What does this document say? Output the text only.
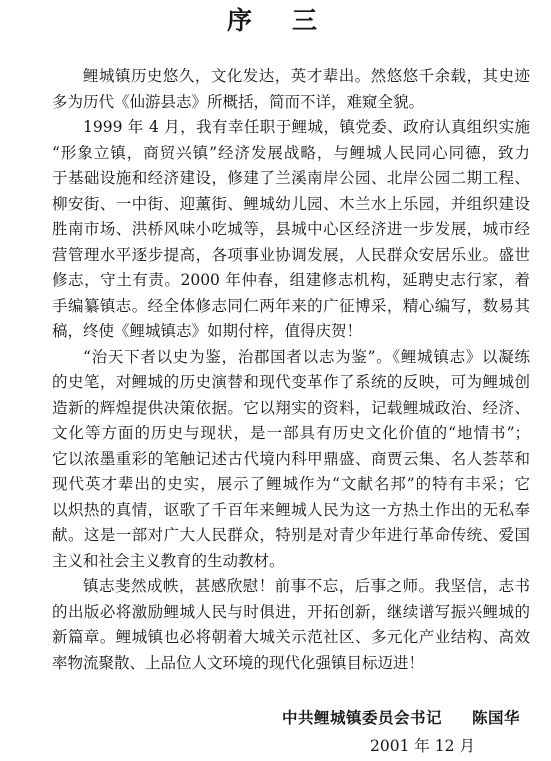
序三
鲤城镇历史悠久，文化发达，英才辈出。然悠悠千余载，其史迹
多为历代《仙游县志》所概括，简而不详，难窥全貌。
1999 年 4 月，我有幸任职于鲤城，镇党委、政府认真组织实施
“形象立镇，商贸兴镇”经济发展战略，与鲤城人民同心同德，致力
于基础设施和经济建设，修建了兰溪南岸公园、北岸公园二期工程、
柳安街、一中街、迎薰街、鲤城幼儿园、木兰水上乐园，并组织建设
胜南市场、洪桥风味小吃城等，县城中心区经济进一步发展，城市经
营管理水平逐步提高，各项事业协调发展，人民群众安居乐业。盛世
修志，守土有责。2000 年仲春，组建修志机构，延聘史志行家，着
手编纂镇志。经全体修志同仁两年来的广征博采，精心编写，数易其
稿，终使《鲤城镇志》如期付梓，值得庆贺！
“治天下者以史为鉴，治郡国者以志为鉴”。《鲤城镇志》以凝练
的史笔，对鲤城的历史演替和现代变革作了系统的反映，可为鲤城创
造新的辉煌提供决策依据。它以翔实的资料，记载鲤城政治、经济、
文化等方面的历史与现状，是一部具有历史文化价值的“地情书”；
它以浓墨重彩的笔触记述古代境内科甲鼎盛、商贾云集、名人荟萃和
现代英才辈出的史实，展示了鲤城作为“文献名邦”的特有丰采；它
以炽热的真情，讴歌了千百年来鲤城人民为这一方热土作出的无私奉
献。这是一部对广大人民群众，特别是对青少年进行革命传统、爱国
主义和社会主义教育的生动教材。
镇志斐然成帙，甚感欣慰！前事不忘，后事之师。我坚信，志书
的出版必将激励鲤城人民与时俱进，开拓创新，继续谱写振兴鲤城的
新篇章。鲤城镇也必将朝着大城关示范社区、多元化产业结构、高效
率物流聚散、上品位人文环境的现代化强镇目标迈进！
中共鲤城镇委员会书记 陈国华
2001 年 12 月
